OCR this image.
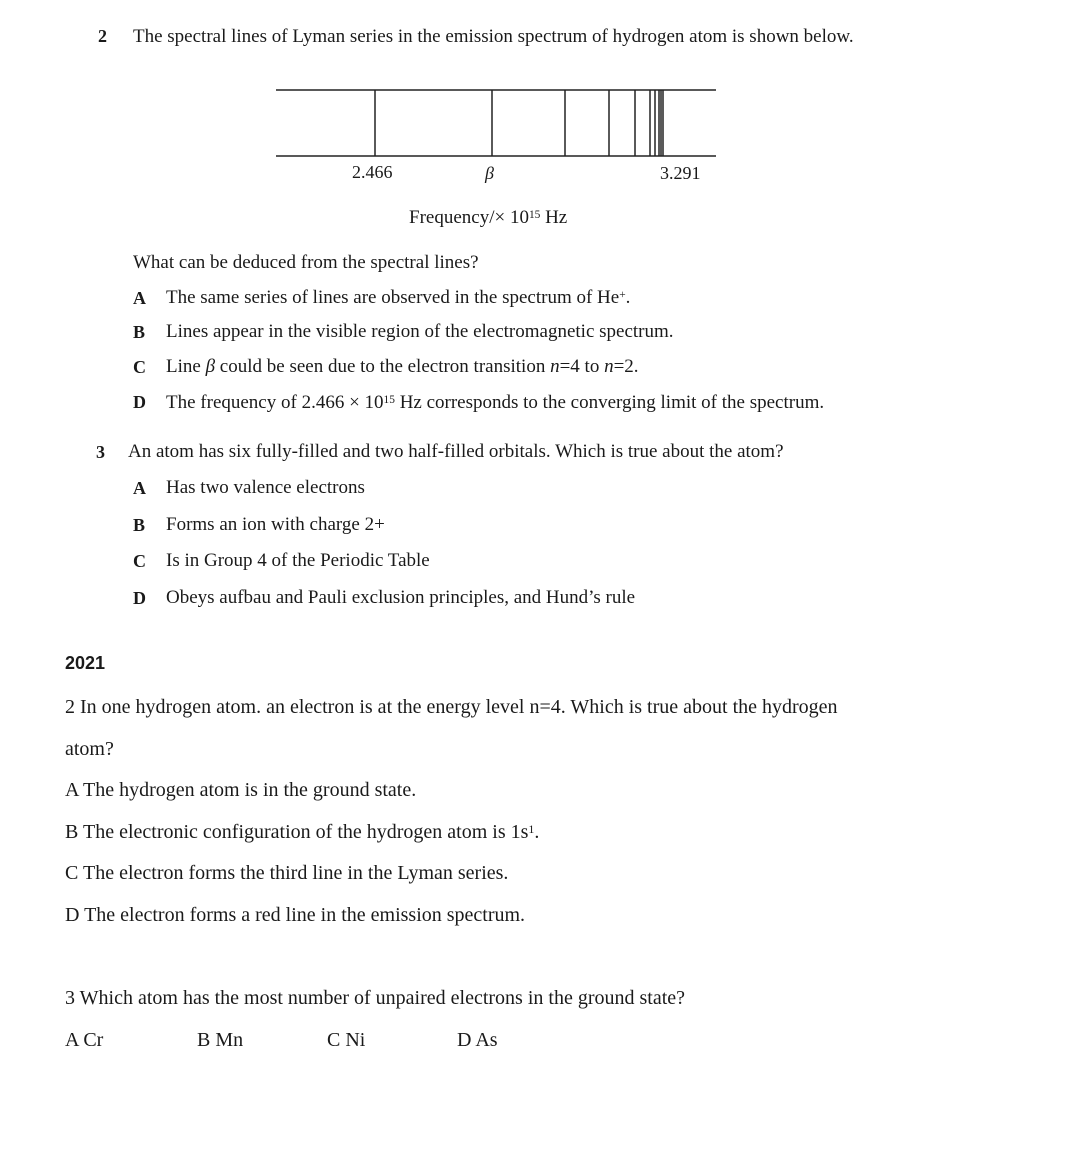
2 The spectral lines of Lyman series in the emission spectrum of hydrogen atom is shown below.
2.466	β	3.291
Frequency/× $10^{15}$ Hz
What can be deduced from the spectral lines?
A The same series of lines are observed in the spectrum of He+.
B Lines appear in the visible region of the electromagnetic spectrum.
C Line β could be seen due to the electron transition n=4 to n=2.
D The frequency of $2.466 \times 10^{15}$ Hz corresponds to the converging limit of the spectrum.
3 An atom has six fully-filled and two half-filled orbitals. Which is true about the atom?
A Has two valence electrons
B Forms an ion with charge 2+
C Is in Group 4 of the Periodic Table
D Obeys aufbau and Pauli exclusion principles, and Hund’s rule
2021
2 In one hydrogen atom. an electron is at the energy level n=4. Which is true about the hydrogen
atom?
A The hydrogen atom is in the ground state.
B The electronic configuration of the hydrogen atom is $1s^1$.
C The electron forms the third line in the Lyman series.
D The electron forms a red line in the emission spectrum.
3 Which atom has the most number of unpaired electrons in the ground state?
A Cr	B Mn	C Ni	D As
